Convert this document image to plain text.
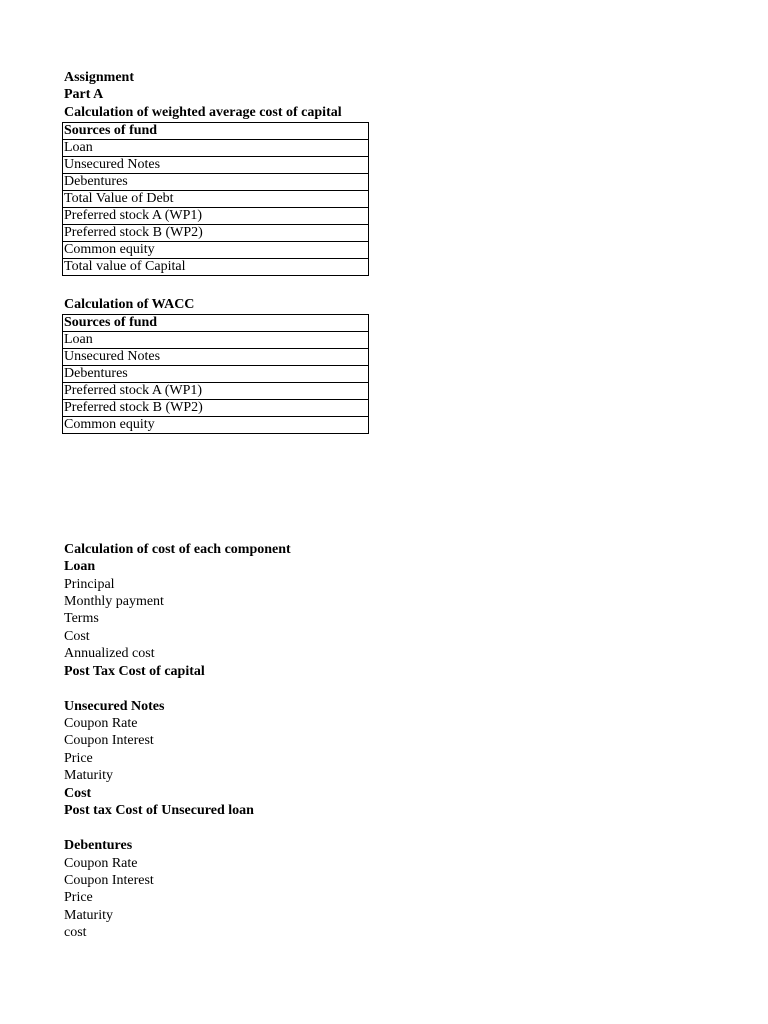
Assignment
Part A
Calculation of weighted average cost of capital
Sources of fund
Loan
Unsecured Notes
Debentures
Total Value of Debt
Preferred stock A (WP1)
Preferred stock B (WP2)
Common equity
Total value of Capital
Calculation of WACC
Sources of fund
Loan
Unsecured Notes
Debentures
Preferred stock A (WP1)
Preferred stock B (WP2)
Common equity
Calculation of cost of each component
Loan
Principal
Monthly payment
Terms
Cost
Annualized cost
Post Tax Cost of capital
Unsecured Notes
Coupon Rate
Coupon Interest
Price
Maturity
Cost
Post tax Cost of Unsecured loan
Debentures
Coupon Rate
Coupon Interest
Price
Maturity
cost
